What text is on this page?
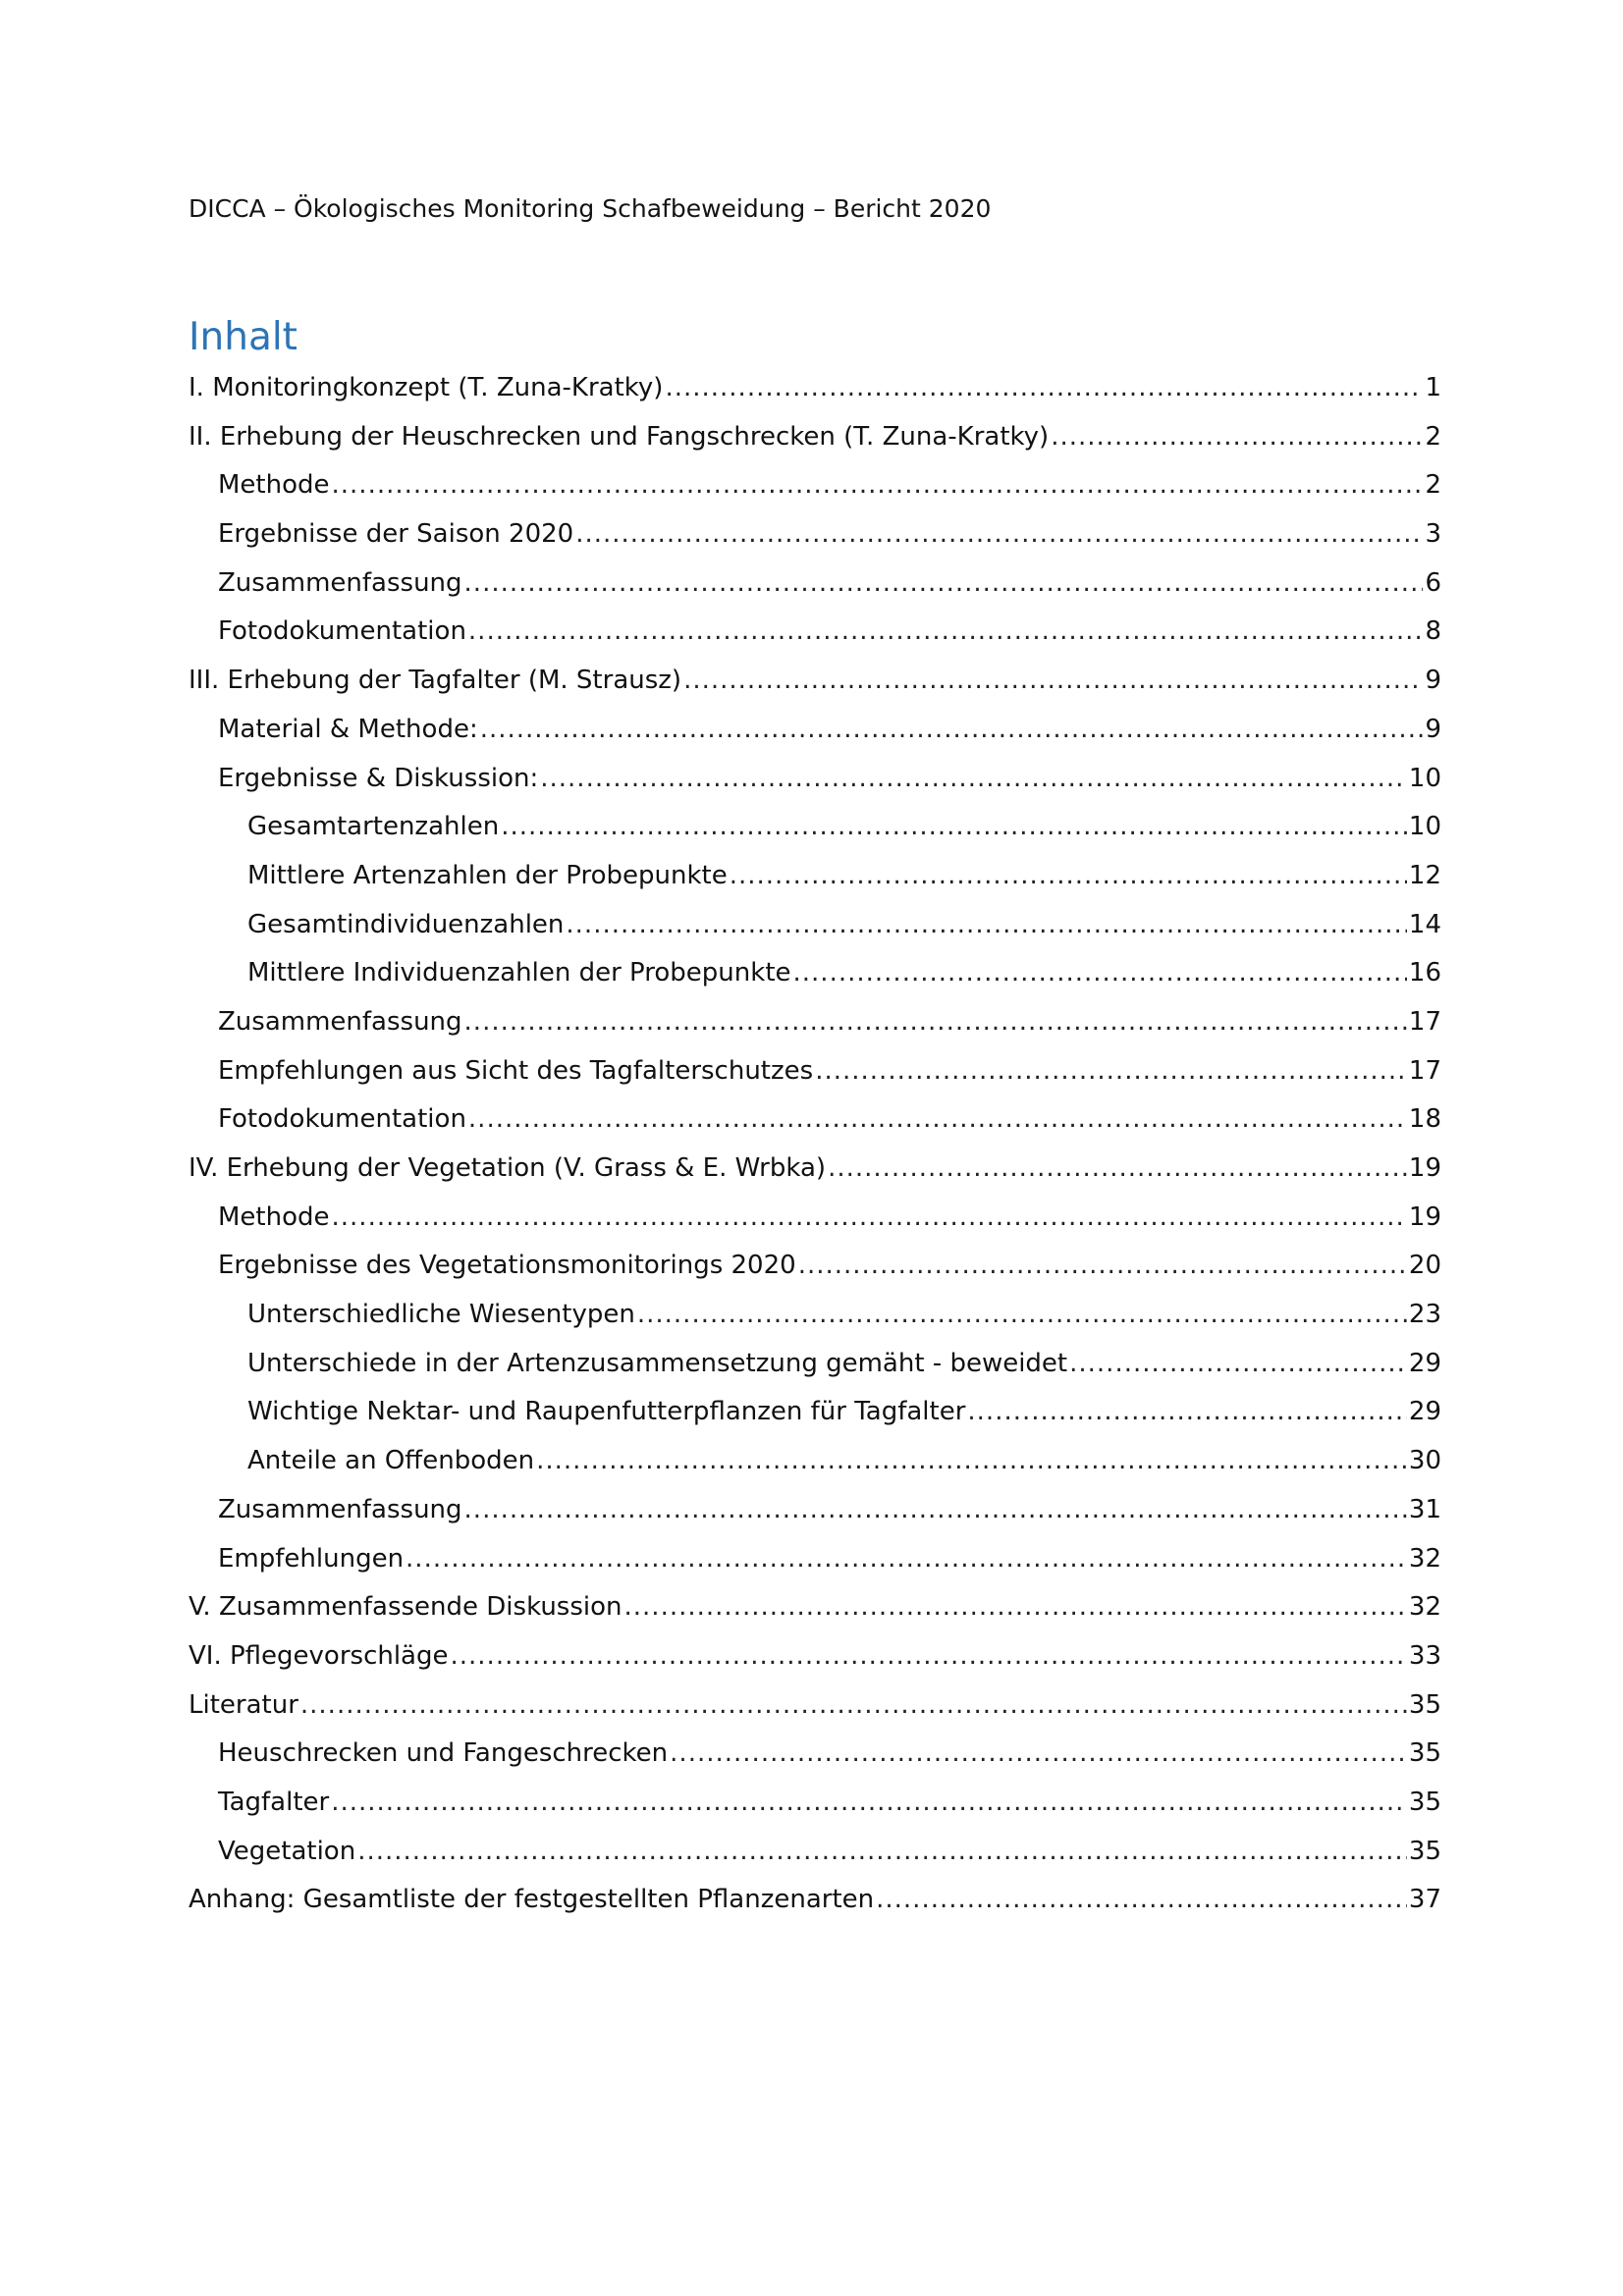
DICCA – Ökologisches Monitoring Schafbeweidung – Bericht 2020
Inhalt
I. Monitoringkonzept (T. Zuna-Kratky) .....	1
II. Erhebung der Heuschrecken und Fangschrecken (T. Zuna-Kratky) .....	2
Methode .....	2
Ergebnisse der Saison 2020 .....	3
Zusammenfassung .....	6
Fotodokumentation .....	8
III. Erhebung der Tagfalter (M. Strausz) .....	9
Material & Methode: .....	9
Ergebnisse & Diskussion: .....	10
Gesamtartenzahlen .....	10
Mittlere Artenzahlen der Probepunkte .....	12
Gesamtindividuenzahlen .....	14
Mittlere Individuenzahlen der Probepunkte .....	16
Zusammenfassung .....	17
Empfehlungen aus Sicht des Tagfalterschutzes .....	17
Fotodokumentation .....	18
IV. Erhebung der Vegetation (V. Grass & E. Wrbka) .....	19
Methode .....	19
Ergebnisse des Vegetationsmonitorings 2020 .....	20
Unterschiedliche Wiesentypen .....	23
Unterschiede in der Artenzusammensetzung gemäht - beweidet .....	29
Wichtige Nektar- und Raupenfutterpflanzen für Tagfalter .....	29
Anteile an Offenboden .....	30
Zusammenfassung .....	31
Empfehlungen .....	32
V. Zusammenfassende Diskussion .....	32
VI. Pflegevorschläge .....	33
Literatur .....	35
Heuschrecken und Fangeschrecken .....	35
Tagfalter .....	35
Vegetation .....	35
Anhang: Gesamtliste der festgestellten Pflanzenarten .....	37
